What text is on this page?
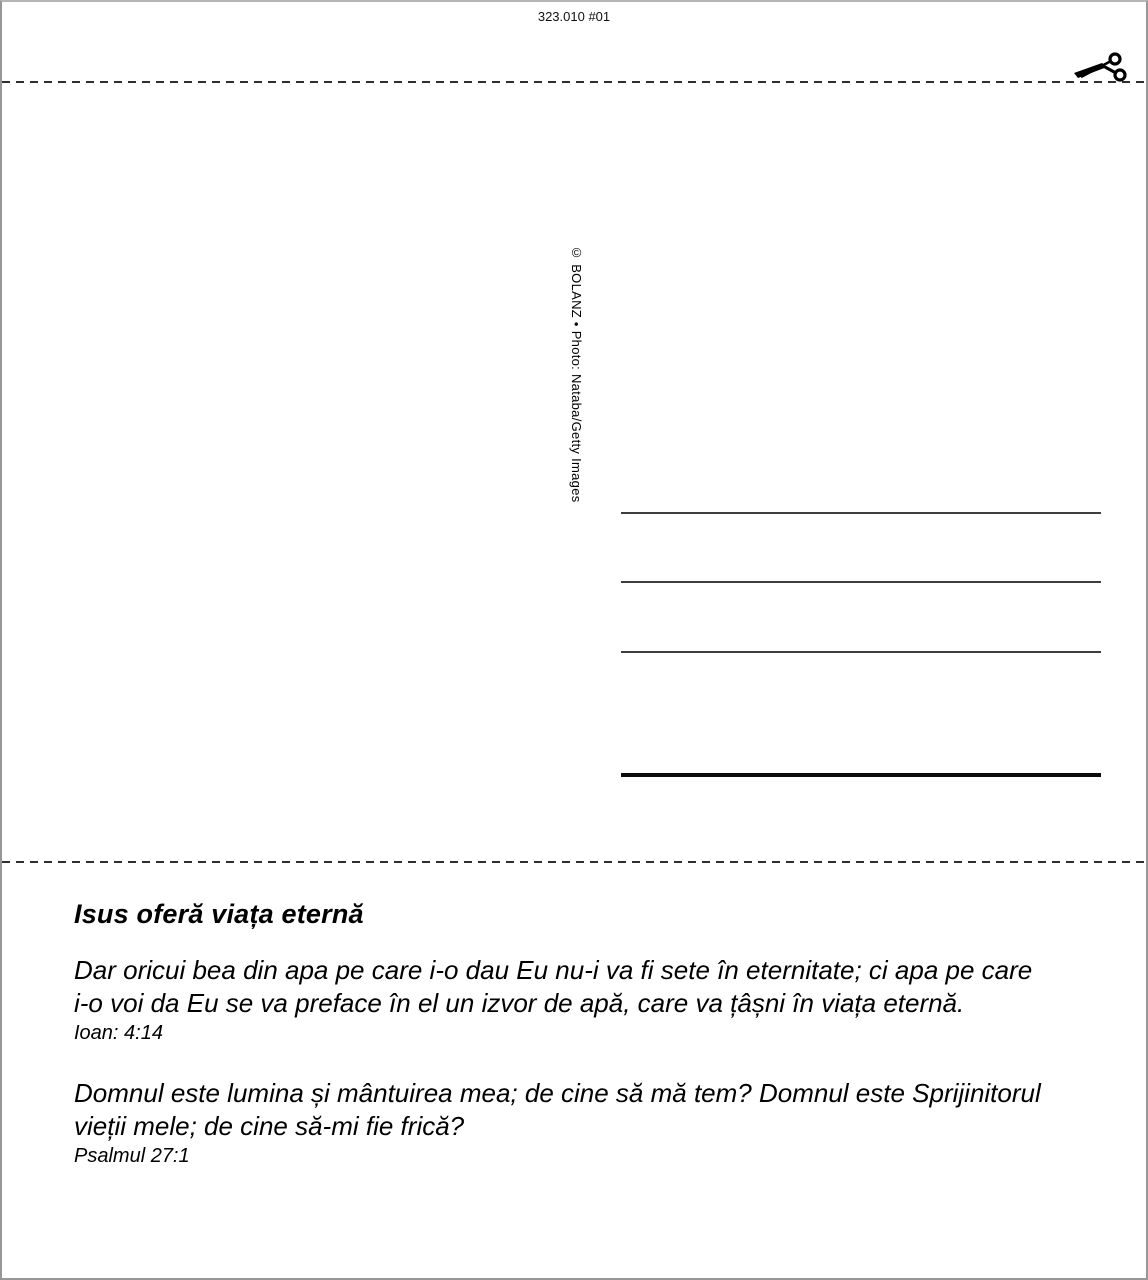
323.010 #01
© BOLANZ • Photo: Nataba/Getty Images
Isus oferă viața eternă

Dar oricui bea din apa pe care i-o dau Eu nu-i va fi sete în eternitate; ci apa pe care
i-o voi da Eu se va preface în el un izvor de apă, care va țâșni în viața eternă.

Ioan: 4:14

Domnul este lumina și mântuirea mea; de cine să mă tem? Domnul este Sprijinitorul
vieții mele; de cine să-mi fie frică?

Psalmul 27:1
